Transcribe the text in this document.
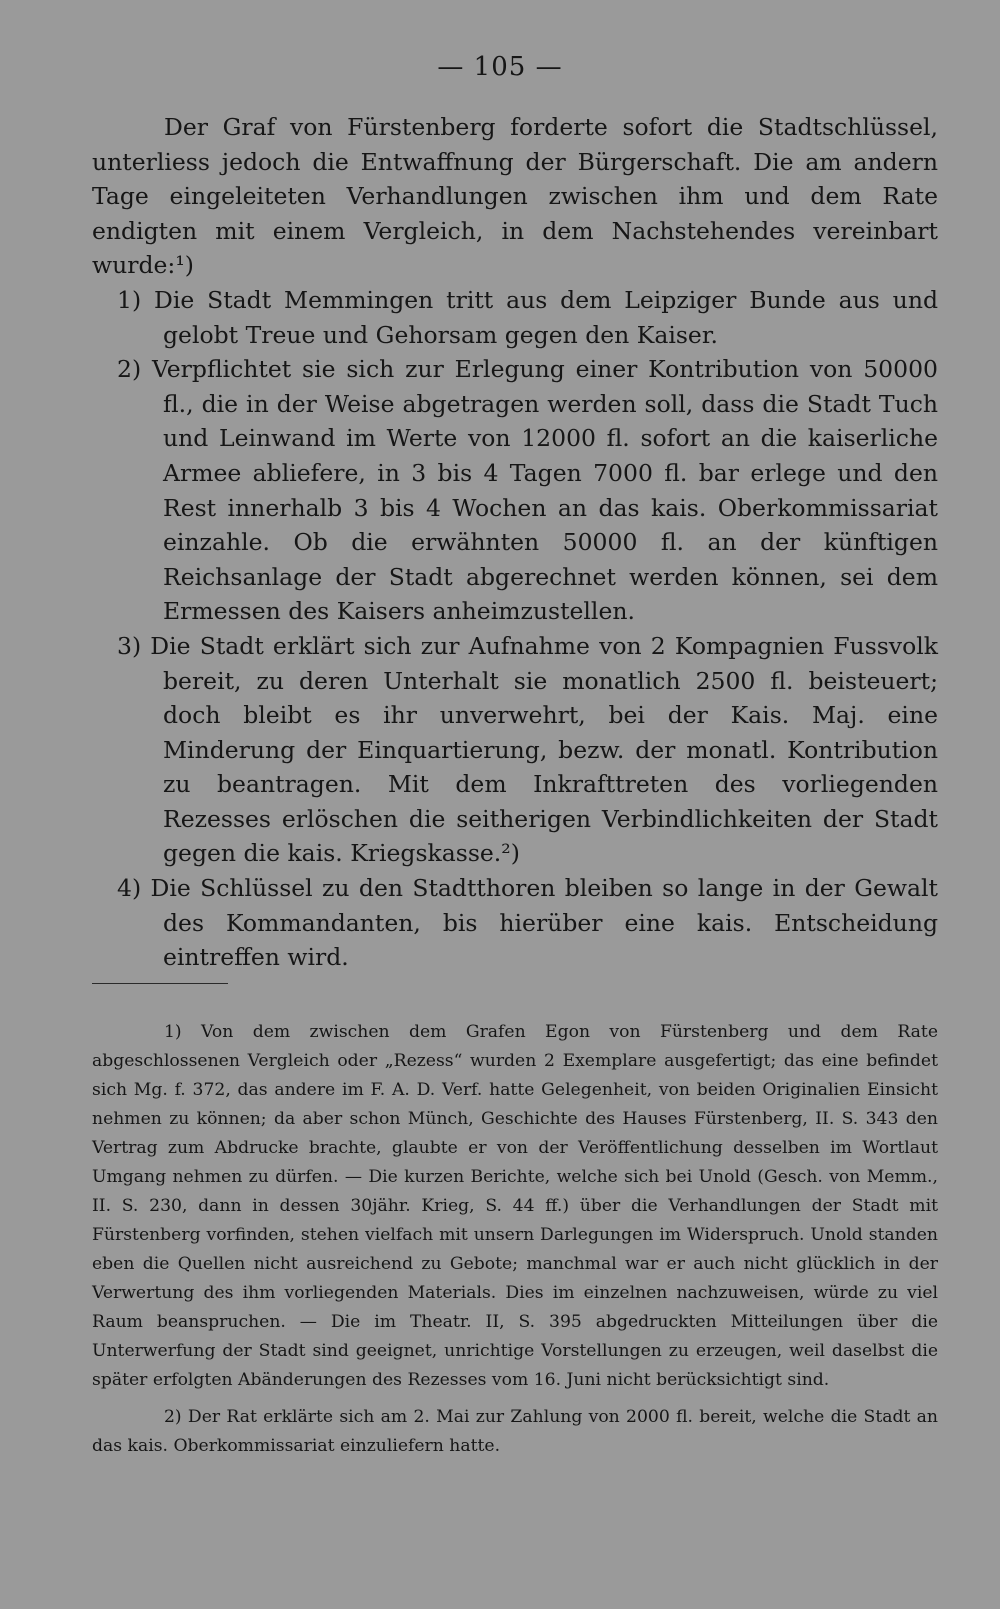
— 105 —

Der Graf von Fürstenberg forderte sofort die Stadtschlüssel, unterliess jedoch die Entwaffnung der Bürgerschaft. Die am andern Tage eingeleiteten Verhandlungen zwischen ihm und dem Rate endigten mit einem Vergleich, in dem Nachstehendes vereinbart wurde:¹)

1) Die Stadt Memmingen tritt aus dem Leipziger Bunde aus und gelobt Treue und Gehorsam gegen den Kaiser.

2) Verpflichtet sie sich zur Erlegung einer Kontribution von 50000 fl., die in der Weise abgetragen werden soll, dass die Stadt Tuch und Leinwand im Werte von 12000 fl. sofort an die kaiserliche Armee abliefere, in 3 bis 4 Tagen 7000 fl. bar erlege und den Rest innerhalb 3 bis 4 Wochen an das kais. Oberkommissariat einzahle. Ob die erwähnten 50000 fl. an der künftigen Reichsanlage der Stadt abgerechnet werden können, sei dem Ermessen des Kaisers anheimzustellen.

3) Die Stadt erklärt sich zur Aufnahme von 2 Kompagnien Fussvolk bereit, zu deren Unterhalt sie monatlich 2500 fl. beisteuert; doch bleibt es ihr unverwehrt, bei der Kais. Maj. eine Minderung der Einquartierung, bezw. der monatl. Kontribution zu beantragen. Mit dem Inkrafttreten des vorliegenden Rezesses erlöschen die seitherigen Verbindlichkeiten der Stadt gegen die kais. Kriegskasse.²)

4) Die Schlüssel zu den Stadtthoren bleiben so lange in der Gewalt des Kommandanten, bis hierüber eine kais. Entscheidung eintreffen wird.

1) Von dem zwischen dem Grafen Egon von Fürstenberg und dem Rate abgeschlossenen Vergleich oder „Rezess“ wurden 2 Exemplare ausgefertigt; das eine befindet sich Mg. f. 372, das andere im F. A. D. Verf. hatte Gelegenheit, von beiden Originalien Einsicht nehmen zu können; da aber schon Münch, Geschichte des Hauses Fürstenberg, II. S. 343 den Vertrag zum Abdrucke brachte, glaubte er von der Veröffentlichung desselben im Wortlaut Umgang nehmen zu dürfen. — Die kurzen Berichte, welche sich bei Unold (Gesch. von Memm., II. S. 230, dann in dessen 30jähr. Krieg, S. 44 ff.) über die Verhandlungen der Stadt mit Fürstenberg vorfinden, stehen vielfach mit unsern Darlegungen im Widerspruch. Unold standen eben die Quellen nicht ausreichend zu Gebote; manchmal war er auch nicht glücklich in der Verwertung des ihm vorliegenden Materials. Dies im einzelnen nachzuweisen, würde zu viel Raum beanspruchen. — Die im Theatr. II, S. 395 abgedruckten Mitteilungen über die Unterwerfung der Stadt sind geeignet, unrichtige Vorstellungen zu erzeugen, weil daselbst die später erfolgten Abänderungen des Rezesses vom 16. Juni nicht berücksichtigt sind.

2) Der Rat erklärte sich am 2. Mai zur Zahlung von 2000 fl. bereit, welche die Stadt an das kais. Oberkommissariat einzuliefern hatte.
